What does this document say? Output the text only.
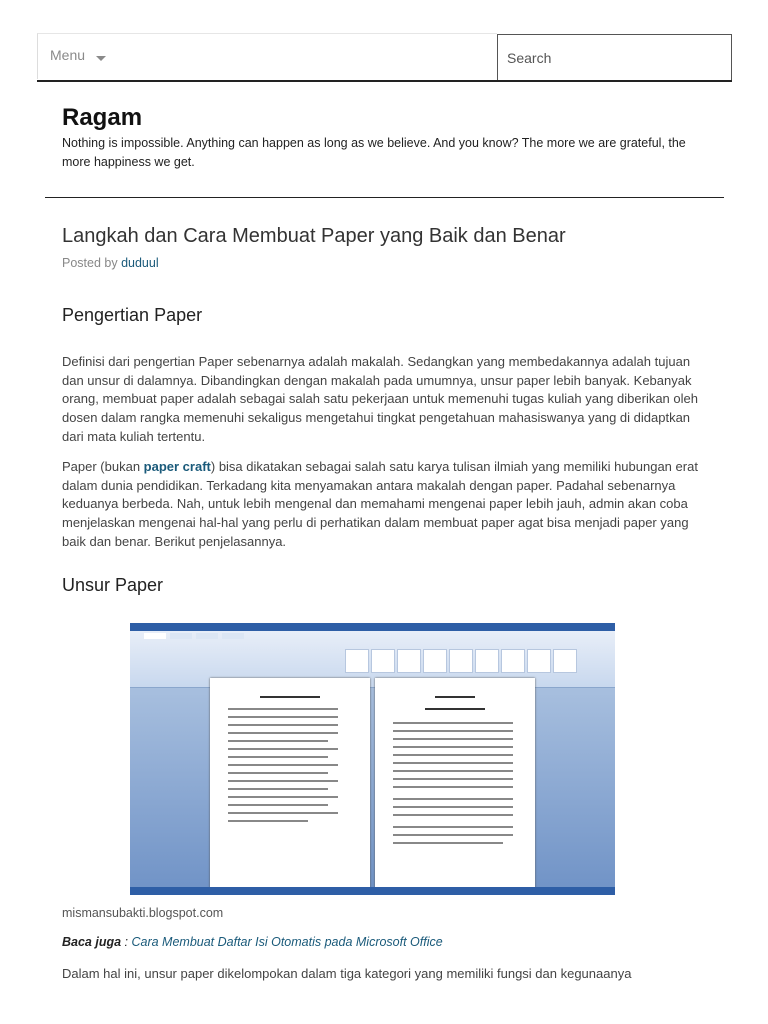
Menu
Search
Ragam
Nothing is impossible. Anything can happen as long as we believe. And you know? The more we are grateful, the more happiness we get.
Langkah dan Cara Membuat Paper yang Baik dan Benar
Posted by duduul
Pengertian Paper

Definisi dari pengertian Paper sebenarnya adalah makalah. Sedangkan yang membedakannya adalah tujuan dan unsur di dalamnya. Dibandingkan dengan makalah pada umumnya, unsur paper lebih banyak. Kebanyak orang, membuat paper adalah sebagai salah satu pekerjaan untuk memenuhi tugas kuliah yang diberikan oleh dosen dalam rangka memenuhi sekaligus mengetahui tingkat pengetahuan mahasiswanya yang di didaptkan dari mata kuliah tertentu.

Paper (bukan paper craft) bisa dikatakan sebagai salah satu karya tulisan ilmiah yang memiliki hubungan erat dalam dunia pendidikan. Terkadang kita menyamakan antara makalah dengan paper. Padahal sebenarnya keduanya berbeda. Nah, untuk lebih mengenal dan memahami mengenai paper lebih jauh, admin akan coba menjelaskan mengenai hal-hal yang perlu di perhatikan dalam membuat paper agat bisa menjadi paper yang baik dan benar. Berikut penjelasannya.

Unsur Paper
mismansubakti.blogspot.com
Baca juga : Cara Membuat Daftar Isi Otomatis pada Microsoft Office

Dalam hal ini, unsur paper dikelompokan dalam tiga kategori yang memiliki fungsi dan kegunaanya
